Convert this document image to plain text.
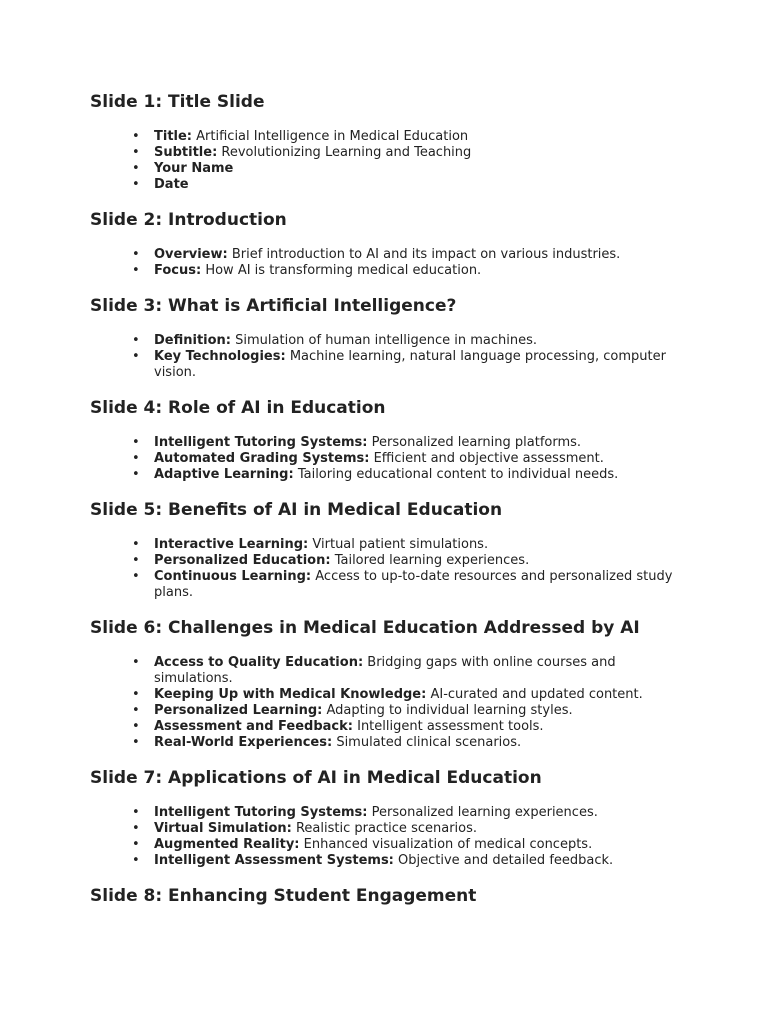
Slide 1: Title Slide
• Title: Artificial Intelligence in Medical Education
• Subtitle: Revolutionizing Learning and Teaching
• Your Name
• Date
Slide 2: Introduction
• Overview: Brief introduction to AI and its impact on various industries.
• Focus: How AI is transforming medical education.
Slide 3: What is Artificial Intelligence?
• Definition: Simulation of human intelligence in machines.
• Key Technologies: Machine learning, natural language processing, computer vision.
Slide 4: Role of AI in Education
• Intelligent Tutoring Systems: Personalized learning platforms.
• Automated Grading Systems: Efficient and objective assessment.
• Adaptive Learning: Tailoring educational content to individual needs.
Slide 5: Benefits of AI in Medical Education
• Interactive Learning: Virtual patient simulations.
• Personalized Education: Tailored learning experiences.
• Continuous Learning: Access to up-to-date resources and personalized study plans.
Slide 6: Challenges in Medical Education Addressed by AI
• Access to Quality Education: Bridging gaps with online courses and simulations.
• Keeping Up with Medical Knowledge: AI-curated and updated content.
• Personalized Learning: Adapting to individual learning styles.
• Assessment and Feedback: Intelligent assessment tools.
• Real-World Experiences: Simulated clinical scenarios.
Slide 7: Applications of AI in Medical Education
• Intelligent Tutoring Systems: Personalized learning experiences.
• Virtual Simulation: Realistic practice scenarios.
• Augmented Reality: Enhanced visualization of medical concepts.
• Intelligent Assessment Systems: Objective and detailed feedback.
Slide 8: Enhancing Student Engagement
